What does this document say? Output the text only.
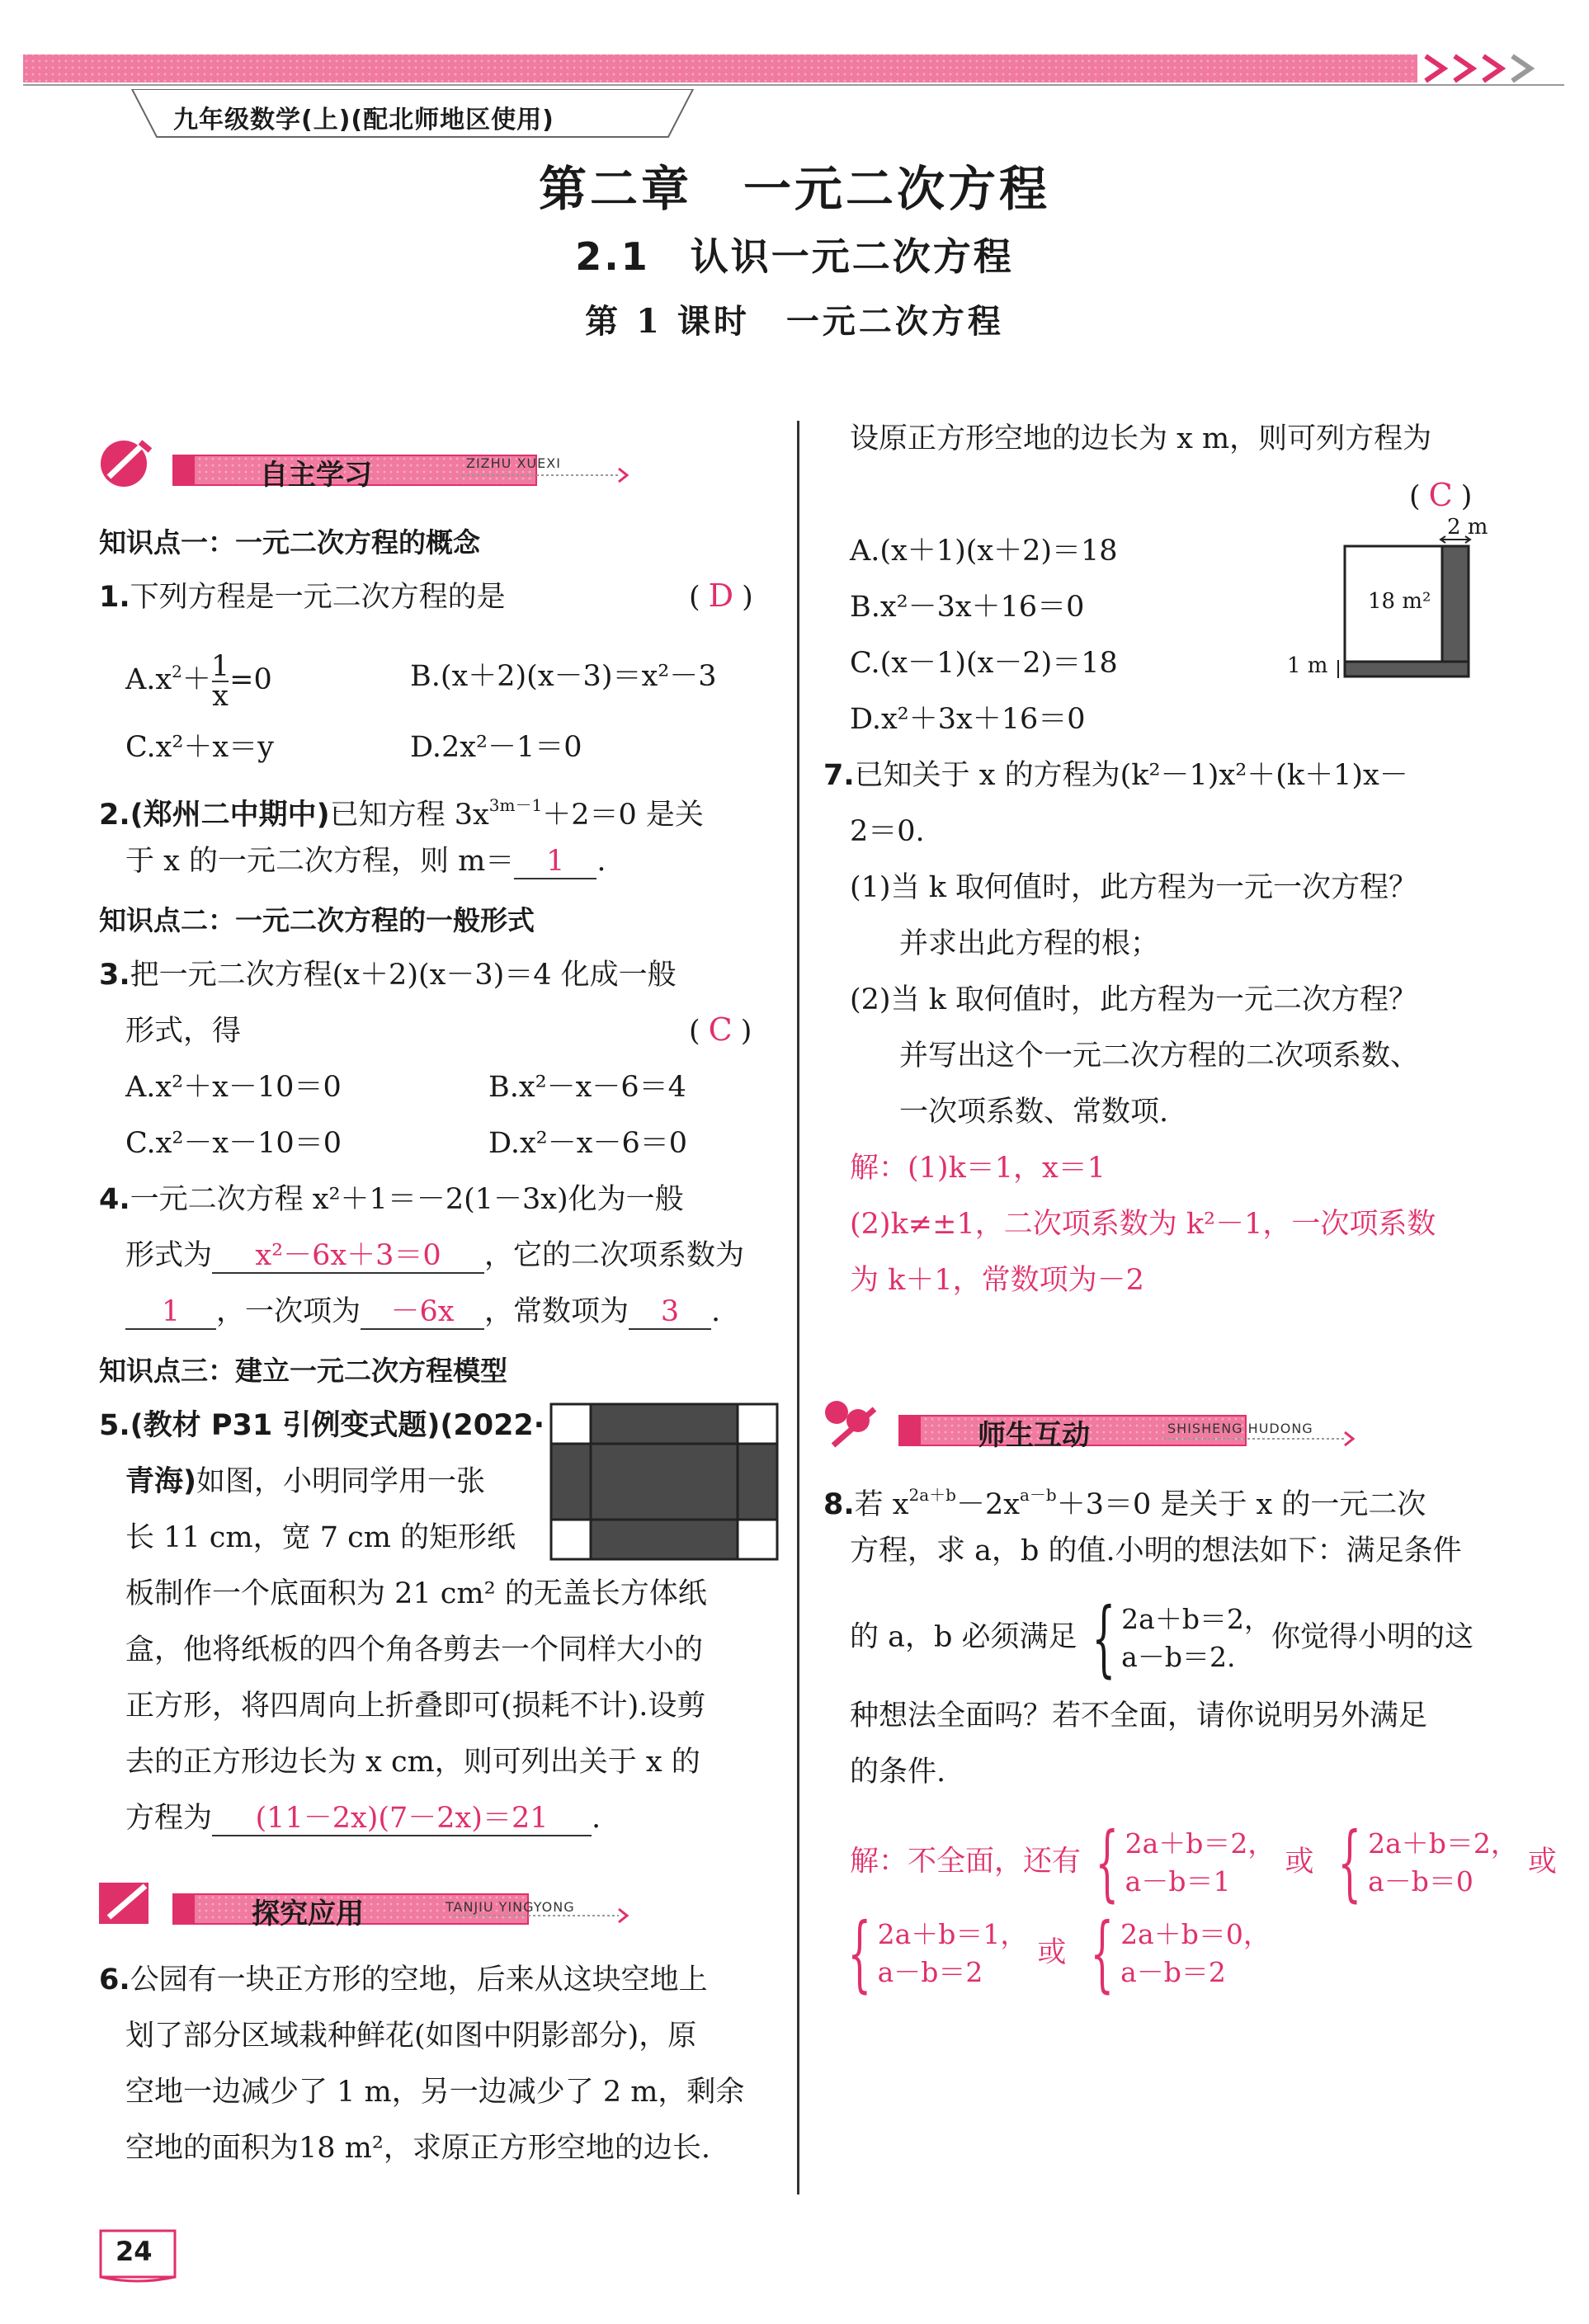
九年级数学(上)(配北师地区使用)
第二章　一元二次方程
2.1　认识一元二次方程
第 1 课时　一元二次方程
自主学习	ZIZHU XUEXI
知识点一：一元二次方程的概念
1.下列方程是一元二次方程的是	( D )
$A.x^2+ \frac{1}{x} =0$	B.(x＋2)(x－3)＝x²－3
C.x²＋x＝y	D.2x²－1＝0
2.(郑州二中期中)已知方程 $3x^{3m-1}+2=0$ 是关
于 x 的一元二次方程，则 m＝ 1 .
知识点二：一元二次方程的一般形式
3.把一元二次方程(x＋2)(x－3)＝4 化成一般
形式，得	( C )
A.x²＋x－10＝0	B.x²－x－6＝4
C.x²－x－10＝0	D.x²－x－6＝0
4.一元二次方程 x²＋1＝－2(1－3x)化为一般
形式为 x²－6x＋3＝0 ，它的二次项系数为
1 ，一次项为 －6x ，常数项为 3 .
知识点三：建立一元二次方程模型
5.(教材 P31 引例变式题)(2022·
青海)如图，小明同学用一张
长 11 cm，宽 7 cm 的矩形纸
板制作一个底面积为 21 cm² 的无盖长方体纸
盒，他将纸板的四个角各剪去一个同样大小的
正方形，将四周向上折叠即可(损耗不计).设剪
去的正方形边长为 x cm，则可列出关于 x 的
方程为 (11－2x)(7－2x)＝21 .
探究应用	TANJIU YINGYONG
6.公园有一块正方形的空地，后来从这块空地上
划了部分区域栽种鲜花(如图中阴影部分)，原
空地一边减少了 1 m，另一边减少了 2 m，剩余
空地的面积为18 m²，求原正方形空地的边长.
设原正方形空地的边长为 x m，则可列方程为
( C )
A.(x＋1)(x＋2)＝18
B.x²－3x＋16＝0
C.(x－1)(x－2)＝18
D.x²＋3x＋16＝0
2 m
18 m²
1 m
7.已知关于 x 的方程为(k²－1)x²＋(k＋1)x－
2＝0.
(1)当 k 取何值时，此方程为一元一次方程？
并求出此方程的根；
(2)当 k 取何值时，此方程为一元二次方程？
并写出这个一元二次方程的二次项系数、
一次项系数、常数项.
解：(1)k＝1，x＝1
(2)k≠±1，二次项系数为 k²－1，一次项系数
为 k＋1，常数项为－2
师生互动	SHISHENG HUDONG
8.若 $x^{2a+b}-2x^{a-b}+3=0$ 是关于 x 的一元二次
方程，求 a，b 的值.小明的想法如下：满足条件
的 a，b 必须满足 { 2a＋b＝2，
a－b＝2.
你觉得小明的这
种想法全面吗？若不全面，请你说明另外满足
的条件.
解：不全面，还有 { 2a＋b＝2，
a－b＝1
或 { 2a＋b＝2，
a－b＝0
或
{ 2a＋b＝1，
a－b＝2
或 { 2a＋b＝0，
a－b＝2
24
